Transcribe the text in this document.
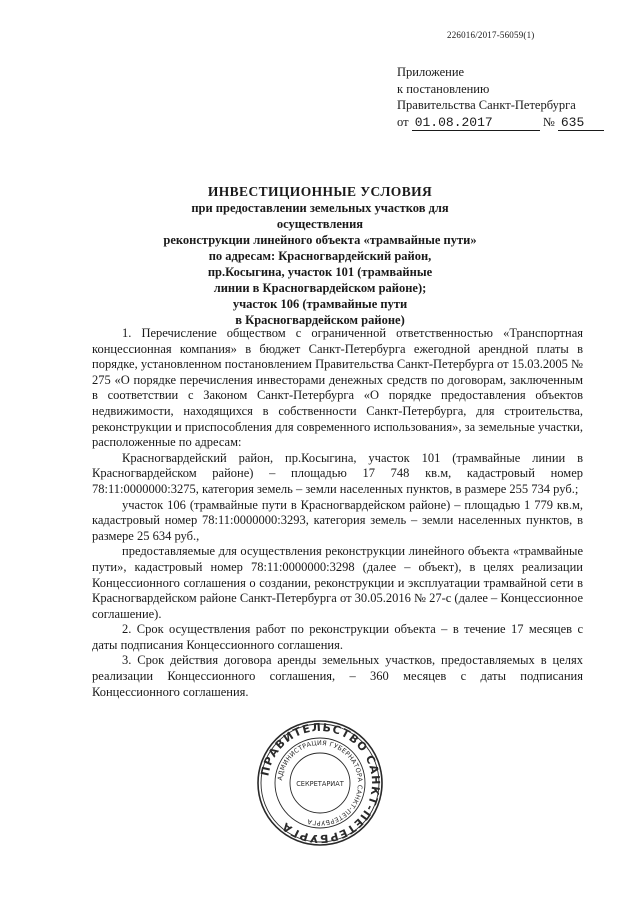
226016/2017-56059(1)
Приложение
к постановлению
Правительства Санкт-Петербурга
от 01.08.2017	№ 635
ИНВЕСТИЦИОННЫЕ УСЛОВИЯ
при предоставлении земельных участков для осуществления
реконструкции линейного объекта «трамвайные пути»
по адресам: Красногвардейский район,
пр.Косыгина, участок 101 (трамвайные
линии в Красногвардейском районе);
участок 106 (трамвайные пути
в Красногвардейском районе)

1. Перечисление обществом с ограниченной ответственностью «Транспортная концессионная компания» в бюджет Санкт-Петербурга ежегодной арендной платы в порядке, установленном постановлением Правительства Санкт-Петербурга от 15.03.2005 № 275 «О порядке перечисления инвесторами денежных средств по договорам, заключенным в соответствии с Законом Санкт-Петербурга «О порядке предоставления объектов недвижимости, находящихся в собственности Санкт-Петербурга, для строительства, реконструкции и приспособления для современного использования», за земельные участки, расположенные по адресам:

Красногвардейский район, пр.Косыгина, участок 101 (трамвайные линии в Красногвардейском районе) – площадью 17 748 кв.м, кадастровый номер 78:11:0000000:3275, категория земель – земли населенных пунктов, в размере 255 734 руб.;

участок 106 (трамвайные пути в Красногвардейском районе) – площадью 1 779 кв.м, кадастровый номер 78:11:0000000:3293, категория земель – земли населенных пунктов, в размере 25 634 руб.,

предоставляемые для осуществления реконструкции линейного объекта «трамвайные пути», кадастровый номер 78:11:0000000:3298 (далее – объект), в целях реализации Концессионного соглашения о создании, реконструкции и эксплуатации трамвайной сети в Красногвардейском районе Санкт-Петербурга от 30.05.2016 № 27-с (далее – Концессионное соглашение).

2. Срок осуществления работ по реконструкции объекта – в течение 17 месяцев с даты подписания Концессионного соглашения.

3. Срок действия договора аренды земельных участков, предоставляемых в целях реализации Концессионного соглашения, – 360 месяцев с даты подписания Концессионного соглашения.

ПРАВИТЕЛЬСТВО САНКТ-ПЕТЕРБУРГА
АДМИНИСТРАЦИЯ ГУБЕРНАТОРА САНКТ-ПЕТЕРБУРГА
СЕКРЕТАРИАТ
